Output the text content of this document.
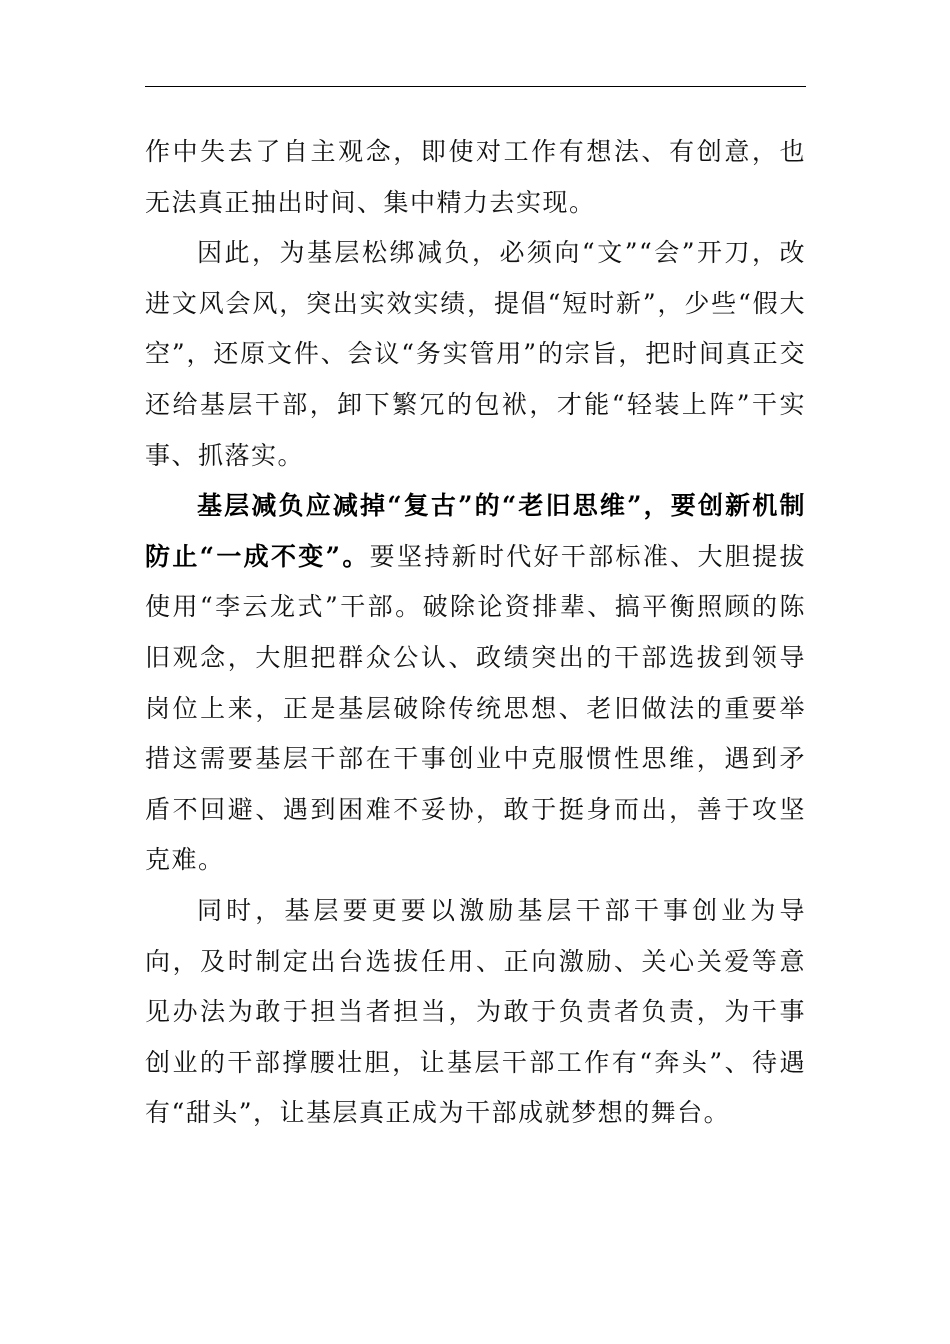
作中失去了自主观念，即使对工作有想法、有创意，也无法真正抽出时间、集中精力去实现。

因此，为基层松绑减负，必须向“文”“会”开刀，改进文风会风，突出实效实绩，提倡“短时新”，少些“假大空”，还原文件、会议“务实管用”的宗旨，把时间真正交还给基层干部，卸下繁冗的包袱，才能“轻装上阵”干实事、抓落实。

基层减负应减掉“复古”的“老旧思维”，要创新机制防止“一成不变”。要坚持新时代好干部标准、大胆提拔使用“李云龙式”干部。破除论资排辈、搞平衡照顾的陈旧观念，大胆把群众公认、政绩突出的干部选拔到领导岗位上来，正是基层破除传统思想、老旧做法的重要举措这需要基层干部在干事创业中克服惯性思维，遇到矛盾不回避、遇到困难不妥协，敢于挺身而出，善于攻坚克难。

同时，基层要更要以激励基层干部干事创业为导向，及时制定出台选拔任用、正向激励、关心关爱等意见办法为敢于担当者担当，为敢于负责者负责，为干事创业的干部撑腰壮胆，让基层干部工作有“奔头”、待遇有“甜头”，让基层真正成为干部成就梦想的舞台。
